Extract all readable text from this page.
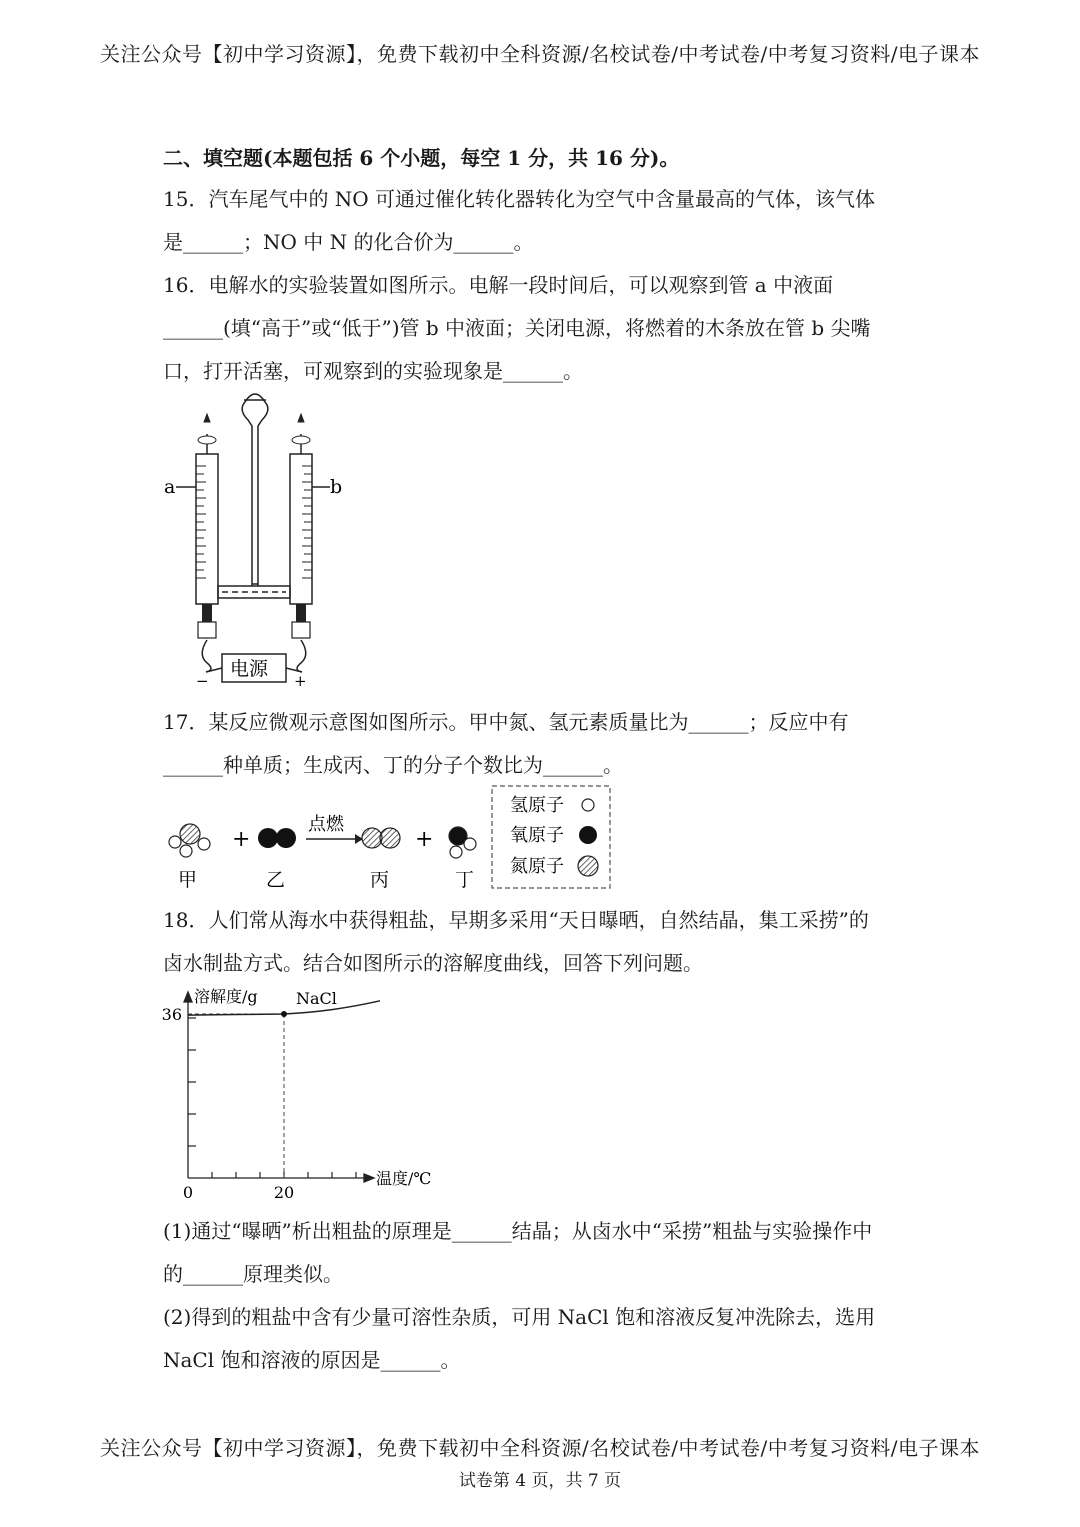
关注公众号【初中学习资源】，免费下载初中全科资源/名校试卷/中考试卷/中考复习资料/电子课本
二、填空题(本题包括 6 个小题，每空 1 分，共 16 分)。
15．汽车尾气中的 NO 可通过催化转化器转化为空气中含量最高的气体，该气体
是______；NO 中 N 的化合价为______。
16．电解水的实验装置如图所示。电解一段时间后，可以观察到管 a 中液面
______(填“高于”或“低于”)管 b 中液面；关闭电源，将燃着的木条放在管 b 尖嘴
口，打开活塞，可观察到的实验现象是______。
a	b
电源
−	+
17．某反应微观示意图如图所示。甲中氮、氢元素质量比为______；反应中有
______种单质；生成丙、丁的分子个数比为______。
+
点燃
+
甲	乙	丙	丁
氢原子
氧原子
氮原子
18．人们常从海水中获得粗盐，早期多采用“天日曝晒，自然结晶，集工采捞”的
卤水制盐方式。结合如图所示的溶解度曲线，回答下列问题。
溶解度/g
温度/℃
NaCl
0	20
36
(1)通过“曝晒”析出粗盐的原理是______结晶；从卤水中“采捞”粗盐与实验操作中
的______原理类似。
(2)得到的粗盐中含有少量可溶性杂质，可用 NaCl 饱和溶液反复冲洗除去，选用
NaCl 饱和溶液的原因是______。
关注公众号【初中学习资源】，免费下载初中全科资源/名校试卷/中考试卷/中考复习资料/电子课本
试卷第 4 页，共 7 页
